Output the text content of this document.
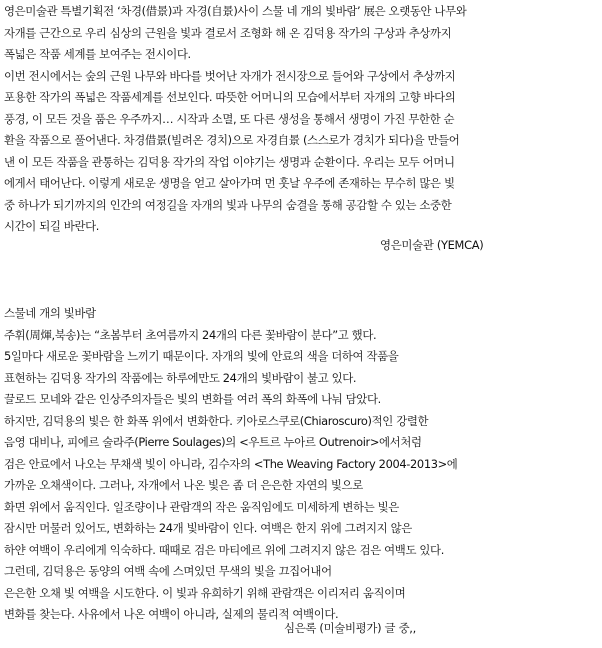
영은미술관 특별기획전 ‘차경(借景)과 자경(自景)사이 스물 네 개의 빛바람’ 展은 오랫동안 나무와
자개를 근간으로 우리 심상의 근원을 빛과 결로서 조형화 해 온 김덕용 작가의 구상과 추상까지
폭넓은 작품 세계를 보여주는 전시이다.
이번 전시에서는 숲의 근원 나무와 바다를 벗어난 자개가 전시장으로 들어와 구상에서 추상까지
포용한 작가의 폭넓은 작품세계를 선보인다. 따뜻한 어머니의 모습에서부터 자개의 고향 바다의
풍경, 이 모든 것을 품은 우주까지… 시작과 소멸, 또 다른 생성을 통해서 생명이 가진 무한한 순
환을 작품으로 풀어낸다. 차경借景(빌려온 경치)으로 자경自景 (스스로가 경치가 되다)을 만들어
낸 이 모든 작품을 관통하는 김덕용 작가의 작업 이야기는 생명과 순환이다. 우리는 모두 어머니
에게서 태어난다. 이렇게 새로운 생명을 얻고 살아가며 먼 훗날 우주에 존재하는 무수히 많은 빛
중 하나가 되기까지의 인간의 여정길을 자개의 빛과 나무의 숨결을 통해 공감할 수 있는 소중한
시간이 되길 바란다.
영은미술관 (YEMCA)
스물네 개의 빛바람
주휘(周煇,북송)는 “초봄부터 초여름까지 24개의 다른 꽃바람이 분다”고 했다.
5일마다 새로운 꽃바람을 느끼기 때문이다. 자개의 빛에 안료의 색을 더하여 작품을
표현하는 김덕용 작가의 작품에는 하루에만도 24개의 빛바람이 불고 있다.
끌로드 모네와 같은 인상주의자들은 빛의 변화를 여러 폭의 화폭에 나눠 담았다.
하지만, 김덕용의 빛은 한 화폭 위에서 변화한다. 키아로스쿠로(Chiaroscuro)적인 강렬한
음영 대비나, 피에르 술라주(Pierre Soulages)의 <우트르 누아르 Outrenoir>에서처럼
검은 안료에서 나오는 무채색 빛이 아니라, 김수자의 <The Weaving Factory 2004-2013>에
가까운 오채색이다. 그러나, 자개에서 나온 빛은 좀 더 은은한 자연의 빛으로
화면 위에서 움직인다. 일조량이나 관람객의 작은 움직임에도 미세하게 변하는 빛은
잠시만 머물러 있어도, 변화하는 24개 빛바람이 인다. 여백은 한지 위에 그려지지 않은
하얀 여백이 우리에게 익숙하다. 때때로 검은 마티에르 위에 그려지지 않은 검은 여백도 있다.
그런데, 김덕용은 동양의 여백 속에 스며있던 무색의 빛을 끄집어내어
은은한 오채 빛 여백을 시도한다. 이 빛과 유희하기 위해 관람객은 이리저리 움직이며
변화를 찾는다. 사유에서 나온 여백이 아니라, 실제의 물리적 여백이다.
심은록 (미술비평가) 글 중,,
